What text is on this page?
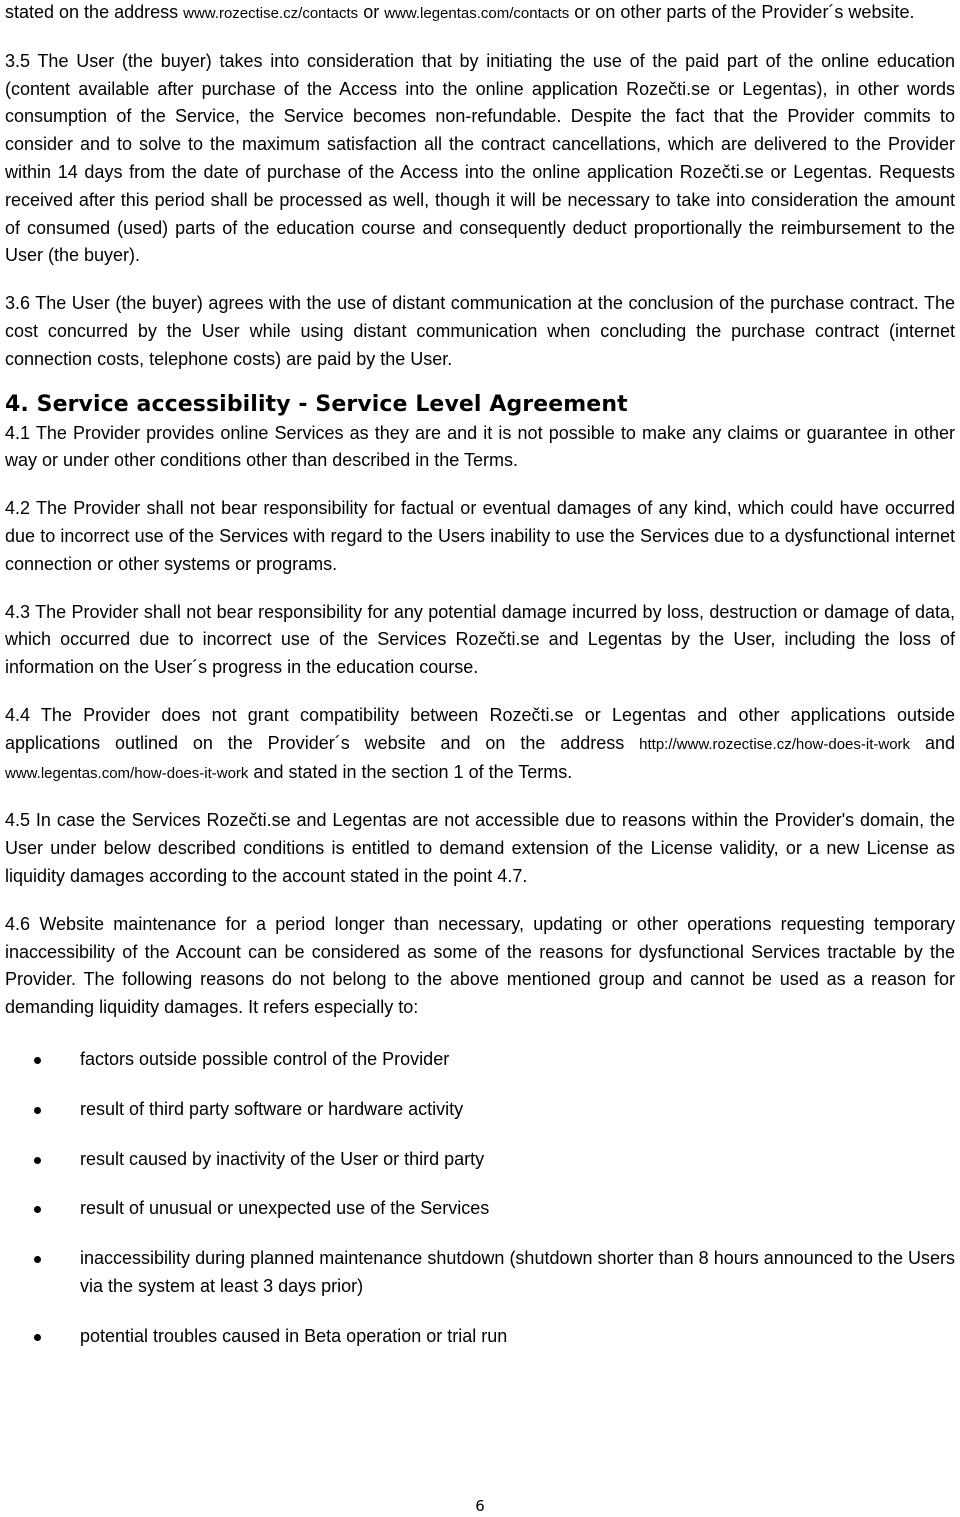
stated on the address www.rozectise.cz/contacts or www.legentas.com/contacts or on other parts of the Provider´s website.

3.5 The User (the buyer) takes into consideration that by initiating the use of the paid part of the online education (content available after purchase of the Access into the online application Rozečti.se or Legentas), in other words consumption of the Service, the Service becomes non-refundable. Despite the fact that the Provider commits to consider and to solve to the maximum satisfaction all the contract cancellations, which are delivered to the Provider within 14 days from the date of purchase of the Access into the online application Rozečti.se or Legentas. Requests received after this period shall be processed as well, though it will be necessary to take into consideration the amount of consumed (used) parts of the education course and consequently deduct proportionally the reimbursement to the User (the buyer).

3.6 The User (the buyer) agrees with the use of distant communication at the conclusion of the purchase contract. The cost concurred by the User while using distant communication when concluding the purchase contract (internet connection costs, telephone costs) are paid by the User.

4. Service accessibility - Service Level Agreement

4.1 The Provider provides online Services as they are and it is not possible to make any claims or guarantee in other way or under other conditions other than described in the Terms.

4.2 The Provider shall not bear responsibility for factual or eventual damages of any kind, which could have occurred due to incorrect use of the Services with regard to the Users inability to use the Services due to a dysfunctional internet connection or other systems or programs.

4.3 The Provider shall not bear responsibility for any potential damage incurred by loss, destruction or damage of data, which occurred due to incorrect use of the Services Rozečti.se and Legentas by the User, including the loss of information on the User´s progress in the education course.

4.4 The Provider does not grant compatibility between Rozečti.se or Legentas and other applications outside applications outlined on the Provider´s website and on the address http://www.rozectise.cz/how-does-it-work and www.legentas.com/how-does-it-work and stated in the section 1 of the Terms.

4.5 In case the Services Rozečti.se and Legentas are not accessible due to reasons within the Provider's domain, the User under below described conditions is entitled to demand extension of the License validity, or a new License as liquidity damages according to the account stated in the point 4.7.

4.6 Website maintenance for a period longer than necessary, updating or other operations requesting temporary inaccessibility of the Account can be considered as some of the reasons for dysfunctional Services tractable by the Provider. The following reasons do not belong to the above mentioned group and cannot be used as a reason for demanding liquidity damages. It refers especially to:

factors outside possible control of the Provider
result of third party software or hardware activity
result caused by inactivity of the User or third party
result of unusual or unexpected use of the Services
inaccessibility during planned maintenance shutdown (shutdown shorter than 8 hours announced to the Users via the system at least 3 days prior)
potential troubles caused in Beta operation or trial run
6
